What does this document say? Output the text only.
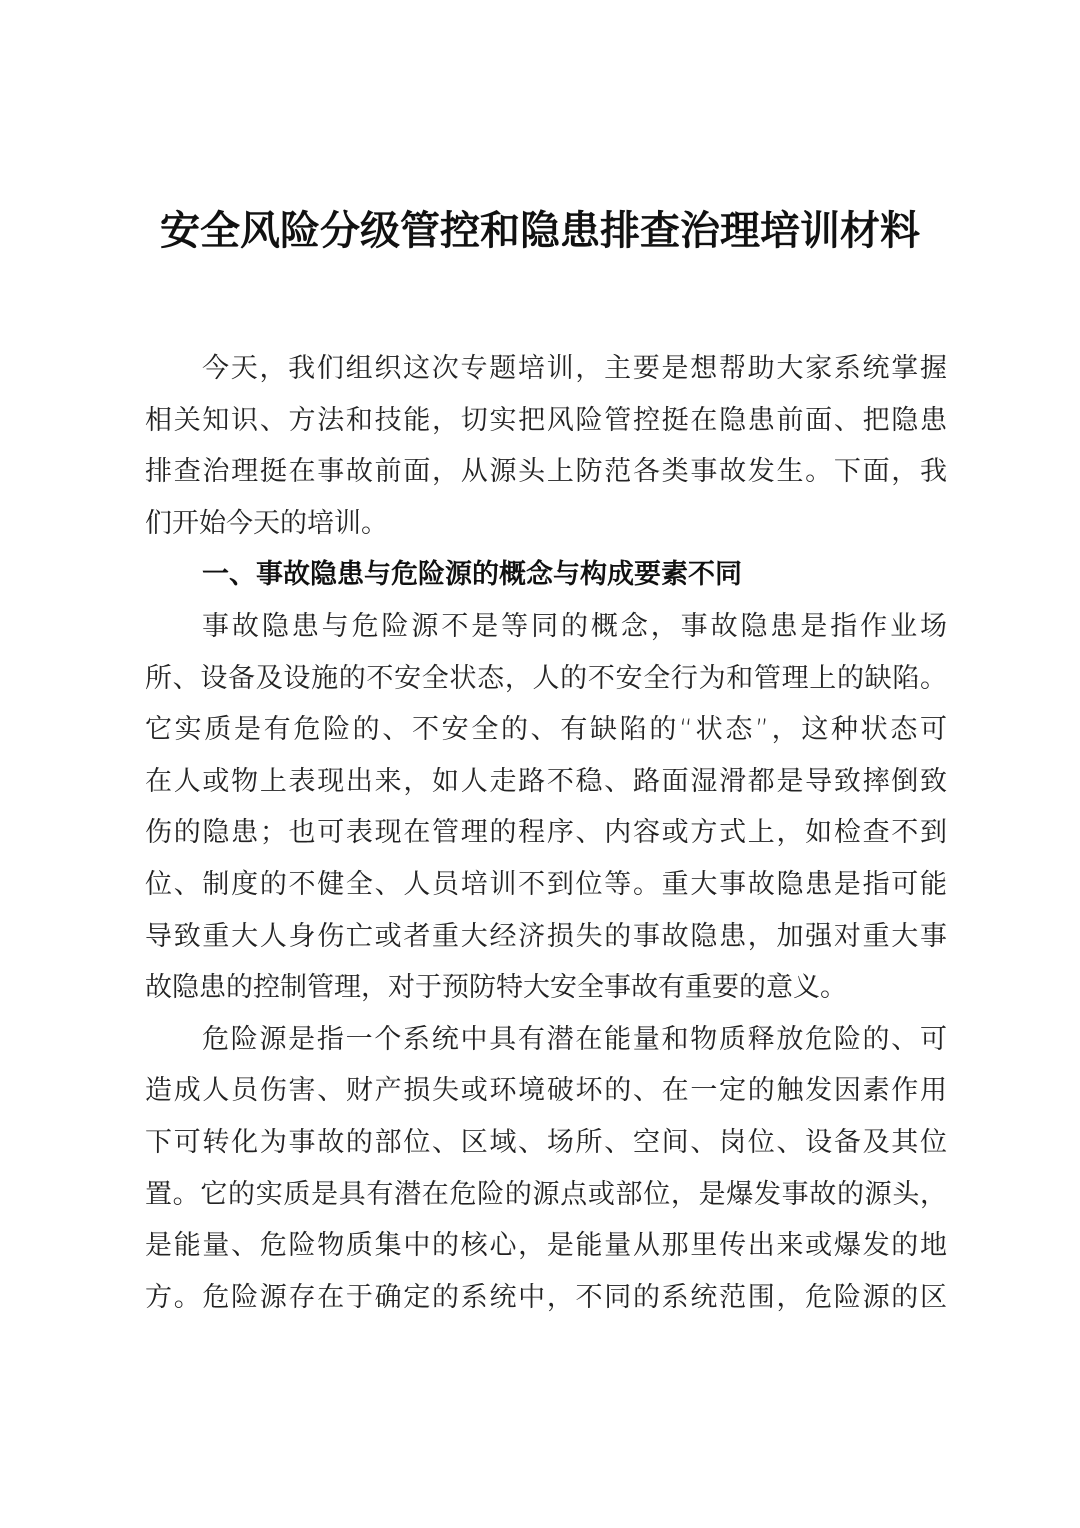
安全风险分级管控和隐患排查治理培训材料
今天，我们组织这次专题培训，主要是想帮助大家系统掌握
相关知识、方法和技能，切实把风险管控挺在隐患前面、把隐患
排查治理挺在事故前面，从源头上防范各类事故发生。下面，我
们开始今天的培训。
一、事故隐患与危险源的概念与构成要素不同
事故隐患与危险源不是等同的概念，事故隐患是指作业场
所、设备及设施的不安全状态，人的不安全行为和管理上的缺陷。
它实质是有危险的、不安全的、有缺陷的“状态”，这种状态可
在人或物上表现出来，如人走路不稳、路面湿滑都是导致摔倒致
伤的隐患；也可表现在管理的程序、内容或方式上，如检查不到
位、制度的不健全、人员培训不到位等。重大事故隐患是指可能
导致重大人身伤亡或者重大经济损失的事故隐患，加强对重大事
故隐患的控制管理，对于预防特大安全事故有重要的意义。
危险源是指一个系统中具有潜在能量和物质释放危险的、可
造成人员伤害、财产损失或环境破坏的、在一定的触发因素作用
下可转化为事故的部位、区域、场所、空间、岗位、设备及其位
置。它的实质是具有潜在危险的源点或部位，是爆发事故的源头，
是能量、危险物质集中的核心，是能量从那里传出来或爆发的地
方。危险源存在于确定的系统中，不同的系统范围，危险源的区
